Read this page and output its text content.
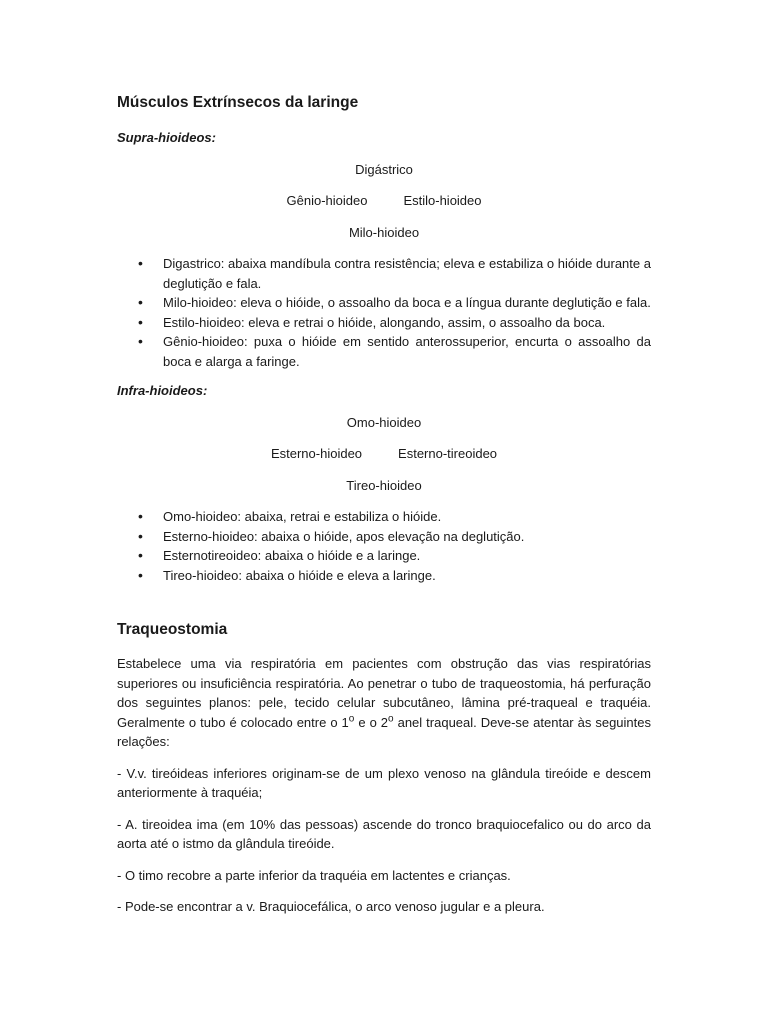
Músculos Extrínsecos da laringe

Supra-hioideos:

Digástrico

Gênio-hioideo	Estilo-hioideo

Milo-hioideo

• Digastrico: abaixa mandíbula contra resistência; eleva e estabiliza o hióide durante a deglutição e fala.
• Milo-hioideo: eleva o hióide, o assoalho da boca e a língua durante deglutição e fala.
• Estilo-hioideo: eleva e retrai o hióide, alongando, assim, o assoalho da boca.
• Gênio-hioideo: puxa o hióide em sentido anterossuperior, encurta o assoalho da boca e alarga a faringe.

Infra-hioideos:

Omo-hioideo

Esterno-hioideo	Esterno-tireoideo

Tireo-hioideo

• Omo-hioideo: abaixa, retrai e estabiliza o hióide.
• Esterno-hioideo: abaixa o hióide, apos elevação na deglutição.
• Esternotireoideo: abaixa o hióide e a laringe.
• Tireo-hioideo: abaixa o hióide e eleva a laringe.
Traqueostomia

Estabelece uma via respiratória em pacientes com obstrução das vias respiratórias superiores ou insuficiência respiratória. Ao penetrar o tubo de traqueostomia, há perfuração dos seguintes planos: pele, tecido celular subcutâneo, lâmina pré-traqueal e traquéia. Geralmente o tubo é colocado entre o 1$^o$ e o 2$^o$ anel traqueal. Deve-se atentar às seguintes relações:

- V.v. tireóideas inferiores originam-se de um plexo venoso na glândula tireóide e descem anteriormente à traquéia;

- A. tireoidea ima (em 10% das pessoas) ascende do tronco braquiocefalico ou do arco da aorta até o istmo da glândula tireóide.

- O timo recobre a parte inferior da traquéia em lactentes e crianças.

- Pode-se encontrar a v. Braquiocefálica, o arco venoso jugular e a pleura.
